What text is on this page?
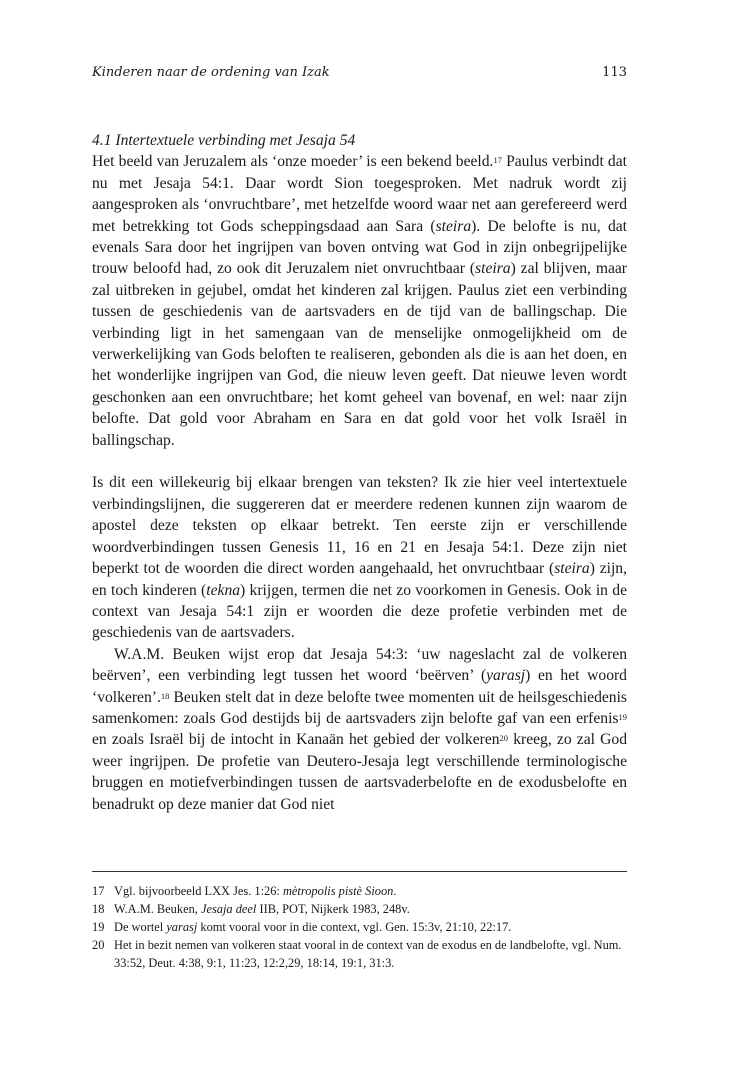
Kinderen naar de ordening van Izak	113

4.1 Intertextuele verbinding met Jesaja 54

Het beeld van Jeruzalem als ‘onze moeder’ is een bekend beeld.17 Paulus verbindt dat nu met Jesaja 54:1. Daar wordt Sion toegesproken. Met nadruk wordt zij aangesproken als ‘onvruchtbare’, met hetzelfde woord waar net aan gerefereerd werd met betrekking tot Gods scheppingsdaad aan Sara (steira). De belofte is nu, dat evenals Sara door het ingrijpen van boven ontving wat God in zijn onbegrijpelijke trouw beloofd had, zo ook dit Jeruzalem niet onvruchtbaar (steira) zal blijven, maar zal uitbreken in gejubel, omdat het kinderen zal krijgen. Paulus ziet een verbinding tussen de geschiedenis van de aartsvaders en de tijd van de ballingschap. Die verbinding ligt in het samengaan van de menselijke onmogelijkheid om de verwerkelijking van Gods beloften te realiseren, gebonden als die is aan het doen, en het wonderlijke ingrijpen van God, die nieuw leven geeft. Dat nieuwe leven wordt geschonken aan een onvruchtbare; het komt geheel van bovenaf, en wel: naar zijn belofte. Dat gold voor Abraham en Sara en dat gold voor het volk Israël in ballingschap.

Is dit een willekeurig bij elkaar brengen van teksten? Ik zie hier veel intertextuele verbindingslijnen, die suggereren dat er meerdere redenen kunnen zijn waarom de apostel deze teksten op elkaar betrekt. Ten eerste zijn er verschillende woordverbindingen tussen Genesis 11, 16 en 21 en Jesaja 54:1. Deze zijn niet beperkt tot de woorden die direct worden aangehaald, het onvruchtbaar (steira) zijn, en toch kinderen (tekna) krijgen, termen die net zo voorkomen in Genesis. Ook in de context van Jesaja 54:1 zijn er woorden die deze profetie verbinden met de geschiedenis van de aartsvaders.

W.A.M. Beuken wijst erop dat Jesaja 54:3: ‘uw nageslacht zal de volkeren beërven’, een verbinding legt tussen het woord ‘beërven’ (yarasj) en het woord ‘volkeren’.18 Beuken stelt dat in deze belofte twee momenten uit de heilsgeschiedenis samenkomen: zoals God destijds bij de aartsvaders zijn belofte gaf van een erfenis19 en zoals Israël bij de intocht in Kanaän het gebied der volkeren20 kreeg, zo zal God weer ingrijpen. De profetie van Deutero-Jesaja legt verschillende terminologische bruggen en motiefverbindingen tussen de aartsvaderbelofte en de exodusbelofte en benadrukt op deze manier dat God niet

17 Vgl. bijvoorbeeld LXX Jes. 1:26: mètropolis pistè Sioon.
18 W.A.M. Beuken, Jesaja deel IIB, POT, Nijkerk 1983, 248v.
19 De wortel yarasj komt vooral voor in die context, vgl. Gen. 15:3v, 21:10, 22:17.
20 Het in bezit nemen van volkeren staat vooral in de context van de exodus en de landbelofte, vgl. Num. 33:52, Deut. 4:38, 9:1, 11:23, 12:2,29, 18:14, 19:1, 31:3.
